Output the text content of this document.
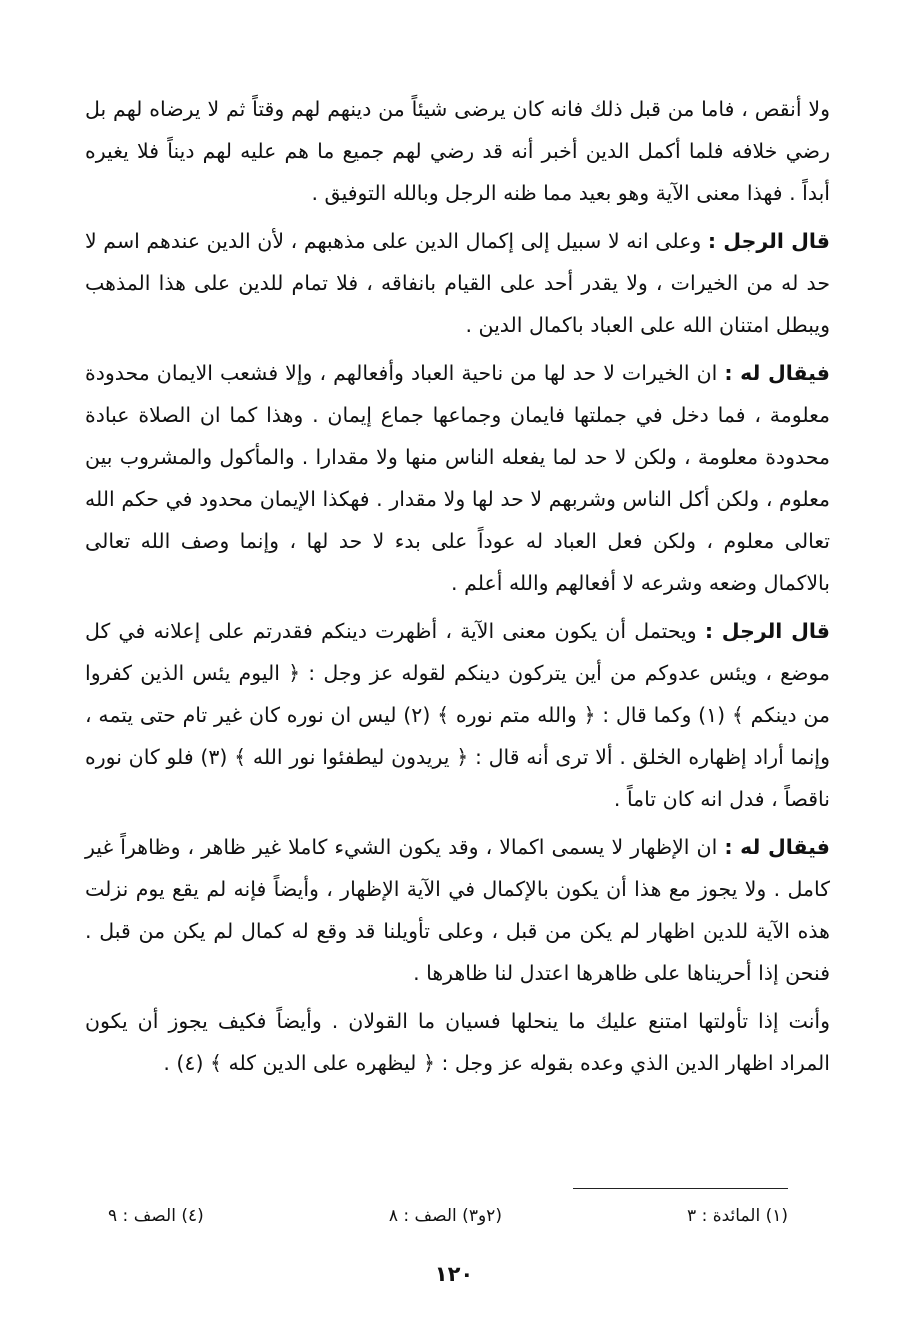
ولا أنقص ، فاما من قبل ذلك فانه كان يرضى شيئاً من دينهم لهم وقتاً ثم لا يرضاه لهم بل رضي خلافه فلما أكمل الدين أخبر أنه قد رضي لهم جميع ما هم عليه لهم ديناً فلا يغيره أبداً . فهذا معنى الآية وهو بعيد مما ظنه الرجل وبالله التوفيق .

قال الرجل : وعلى انه لا سبيل إلى إكمال الدين على مذهبهم ، لأن الدين عندهم اسم لا حد له من الخيرات ، ولا يقدر أحد على القيام بانفاقه ، فلا تمام للدين على هذا المذهب ويبطل امتنان الله على العباد باكمال الدين .

فيقال له : ان الخيرات لا حد لها من ناحية العباد وأفعالهم ، وإلا فشعب الايمان محدودة معلومة ، فما دخل في جملتها فايمان وجماعها جماع إيمان . وهذا كما ان الصلاة عبادة محدودة معلومة ، ولكن لا حد لما يفعله الناس منها ولا مقدارا . والمأكول والمشروب بين معلوم ، ولكن أكل الناس وشربهم لا حد لها ولا مقدار . فهكذا الإيمان محدود في حكم الله تعالى معلوم ، ولكن فعل العباد له عوداً على بدء لا حد لها ، وإنما وصف الله تعالى بالاكمال وضعه وشرعه لا أفعالهم والله أعلم .

قال الرجل : ويحتمل أن يكون معنى الآية ، أظهرت دينكم فقدرتم على إعلانه في كل موضع ، ويئس عدوكم من أين يتركون دينكم لقوله عز وجل : ﴿ اليوم يئس الذين كفروا من دينكم ﴾ (١) وكما قال : ﴿ والله متم نوره ﴾ (٢) ليس ان نوره كان غير تام حتى يتمه ، وإنما أراد إظهاره الخلق . ألا ترى أنه قال : ﴿ يريدون ليطفئوا نور الله ﴾ (٣) فلو كان نوره ناقصاً ، فدل انه كان تاماً .

فيقال له : ان الإظهار لا يسمى اكمالا ، وقد يكون الشيء كاملا غير ظاهر ، وظاهراً غير كامل . ولا يجوز مع هذا أن يكون بالإكمال في الآية الإظهار ، وأيضاً فإنه لم يقع يوم نزلت هذه الآية للدين اظهار لم يكن من قبل ، وعلى تأويلنا قد وقع له كمال لم يكن من قبل . فنحن إذا أحريناها على ظاهرها اعتدل لنا ظاهرها .

وأنت إذا تأولتها امتنع عليك ما ينحلها فسيان ما القولان . وأيضاً فكيف يجوز أن يكون المراد اظهار الدين الذي وعده بقوله عز وجل : ﴿ ليظهره على الدين كله ﴾ (٤) .

(١) المائدة : ٣
(٢و٣) الصف : ٨
(٤) الصف : ٩
١٢٠
